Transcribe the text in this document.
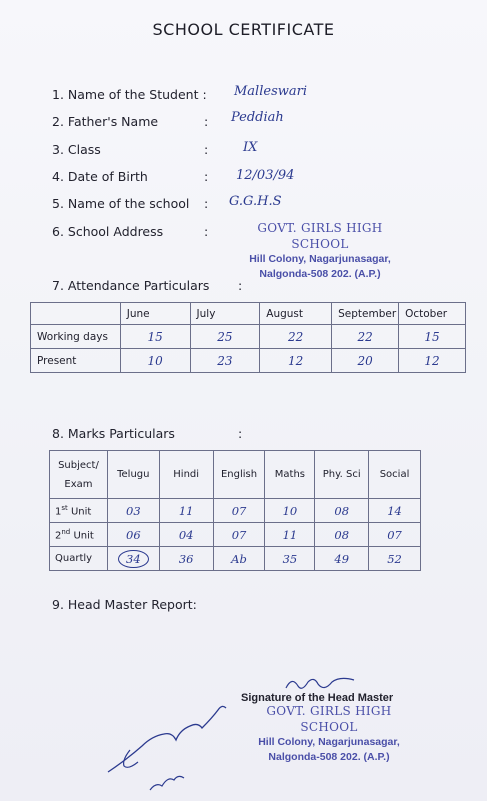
SCHOOL CERTIFICATE
1. Name of the Student : Malleswari
2. Father's Name	: Peddiah
3. Class	:	IX
4. Date of Birth	: 12/03/94
5. Name of the school : G.G.H.S
6. School Address	:	GOVT. GIRLS HIGH SCHOOL
Hill Colony, Nagarjunasagar,
Nalgonda-508 202. (A.P.)
7. Attendance Particulars :
	June	July	August	September	October
Working days	15	25	22	22	15
Present	10	23	12	20	12
8. Marks Particulars	:
Subject/
Exam	Telugu	Hindi	English	Maths	Phy. Sci	Social
1st Unit	03	11	07	10	08	14
2nd Unit	06	04	07	11	08	07
Quartly	34	36	Ab	35	49	52
9. Head Master Report:
GOVT. GIRLS HIGH SCHOOL
Hill Colony, Nagarjunasagar,
Nalgonda-508 202. (A.P.)
Signature of the Head Master
